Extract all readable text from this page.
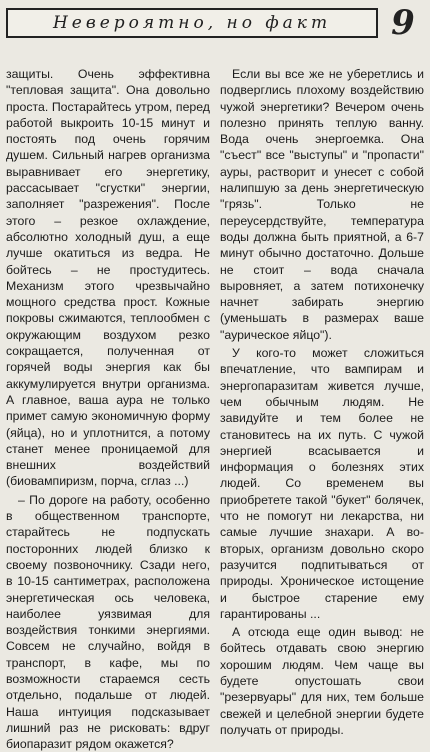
Невероятно, но факт 9

защиты. Очень эффективна "тепловая защита". Она довольно проста. Постарайтесь утром, перед работой выкроить 10-15 минут и постоять под очень горячим душем. Сильный нагрев организма выравнивает его энергетику, рассасывает "сгустки" энергии, заполняет "разрежения". После этого – резкое охлаждение, абсолютно холодный душ, а еще лучше окатиться из ведра. Не бойтесь – не простудитесь. Механизм этого чрезвычайно мощного средства прост. Кожные покровы сжимаются, теплообмен с окружающим воздухом резко сокращается, полученная от горячей воды энергия как бы аккумулируется внутри организма. А главное, ваша аура не только примет самую экономичную форму (яйца), но и уплотнится, а потому станет менее проницаемой для внешних воздействий (биовампиризм, порча, сглаз ...)

– По дороге на работу, особенно в общественном транспорте, старайтесь не подпускать посторонних людей близко к своему позвоночнику. Сзади него, в 10-15 сантиметрах, расположена энергетическая ось человека, наиболее уязвимая для воздействия тонкими энергиями. Совсем не случайно, войдя в транспорт, в кафе, мы по возможности стараемся сесть отдельно, подальше от людей. Наша интуиция подсказывает лишний раз не рисковать: вдруг биопаразит рядом окажется?

Если вы все же не уберетлись и подверглись плохому воздействию чужой энергетики? Вечером очень полезно принять теплую ванну. Вода очень энергоемка. Она "съест" все "выступы" и "пропасти" ауры, растворит и унесет с собой налипшую за день энергетическую "грязь". Только не переусердствуйте, температура воды должна быть приятной, а 6-7 минут обычно достаточно. Дольше не стоит – вода сначала выровняет, а затем потихонечку начнет забирать энергию (уменьшать в размерах ваше "аурическое яйцо").

У кого-то может сложиться впечатление, что вампирам и энергопаразитам живется лучше, чем обычным людям. Не завидуйте и тем более не становитесь на их путь. С чужой энергией всасывается и информация о болезнях этих людей. Со временем вы приобретете такой "букет" болячек, что не помогут ни лекарства, ни самые лучшие знахари. А во-вторых, организм довольно скоро разучится подпитываться от природы. Хроническое истощение и быстрое старение ему гарантированы ...

А отсюда еще один вывод: не бойтесь отдавать свою энергию хорошим людям. Чем чаще вы будете опустошать свои "резервуары" для них, тем больше свежей и целебной энергии будете получать от природы.
